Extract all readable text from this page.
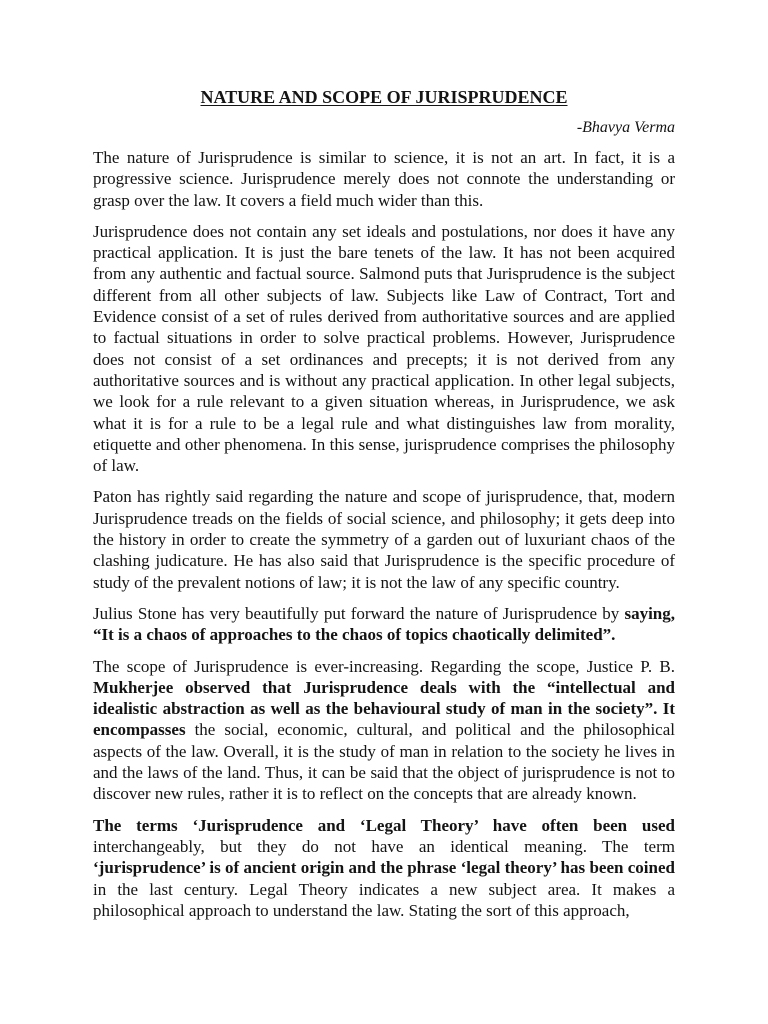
NATURE AND SCOPE OF JURISPRUDENCE
-Bhavya Verma

The nature of Jurisprudence is similar to science, it is not an art. In fact, it is a progressive science. Jurisprudence merely does not connote the understanding or grasp over the law. It covers a field much wider than this.

Jurisprudence does not contain any set ideals and postulations, nor does it have any practical application. It is just the bare tenets of the law. It has not been acquired from any authentic and factual source. Salmond puts that Jurisprudence is the subject different from all other subjects of law. Subjects like Law of Contract, Tort and Evidence consist of a set of rules derived from authoritative sources and are applied to factual situations in order to solve practical problems. However, Jurisprudence does not consist of a set ordinances and precepts; it is not derived from any authoritative sources and is without any practical application. In other legal subjects, we look for a rule relevant to a given situation whereas, in Jurisprudence, we ask what it is for a rule to be a legal rule and what distinguishes law from morality, etiquette and other phenomena. In this sense, jurisprudence comprises the philosophy of law.

Paton has rightly said regarding the nature and scope of jurisprudence, that, modern Jurisprudence treads on the fields of social science, and philosophy; it gets deep into the history in order to create the symmetry of a garden out of luxuriant chaos of the clashing judicature. He has also said that Jurisprudence is the specific procedure of study of the prevalent notions of law; it is not the law of any specific country.

Julius Stone has very beautifully put forward the nature of Jurisprudence by saying, “It is a chaos of approaches to the chaos of topics chaotically delimited”.

The scope of Jurisprudence is ever-increasing. Regarding the scope, Justice P. B. Mukherjee observed that Jurisprudence deals with the “intellectual and idealistic abstraction as well as the behavioural study of man in the society”. It encompasses the social, economic, cultural, and political and the philosophical aspects of the law. Overall, it is the study of man in relation to the society he lives in and the laws of the land. Thus, it can be said that the object of jurisprudence is not to discover new rules, rather it is to reflect on the concepts that are already known.

The terms ‘Jurisprudence and ‘Legal Theory’ have often been used interchangeably, but they do not have an identical meaning. The term ‘jurisprudence’ is of ancient origin and the phrase ‘legal theory’ has been coined in the last century. Legal Theory indicates a new subject area. It makes a philosophical approach to understand the law. Stating the sort of this approach,
